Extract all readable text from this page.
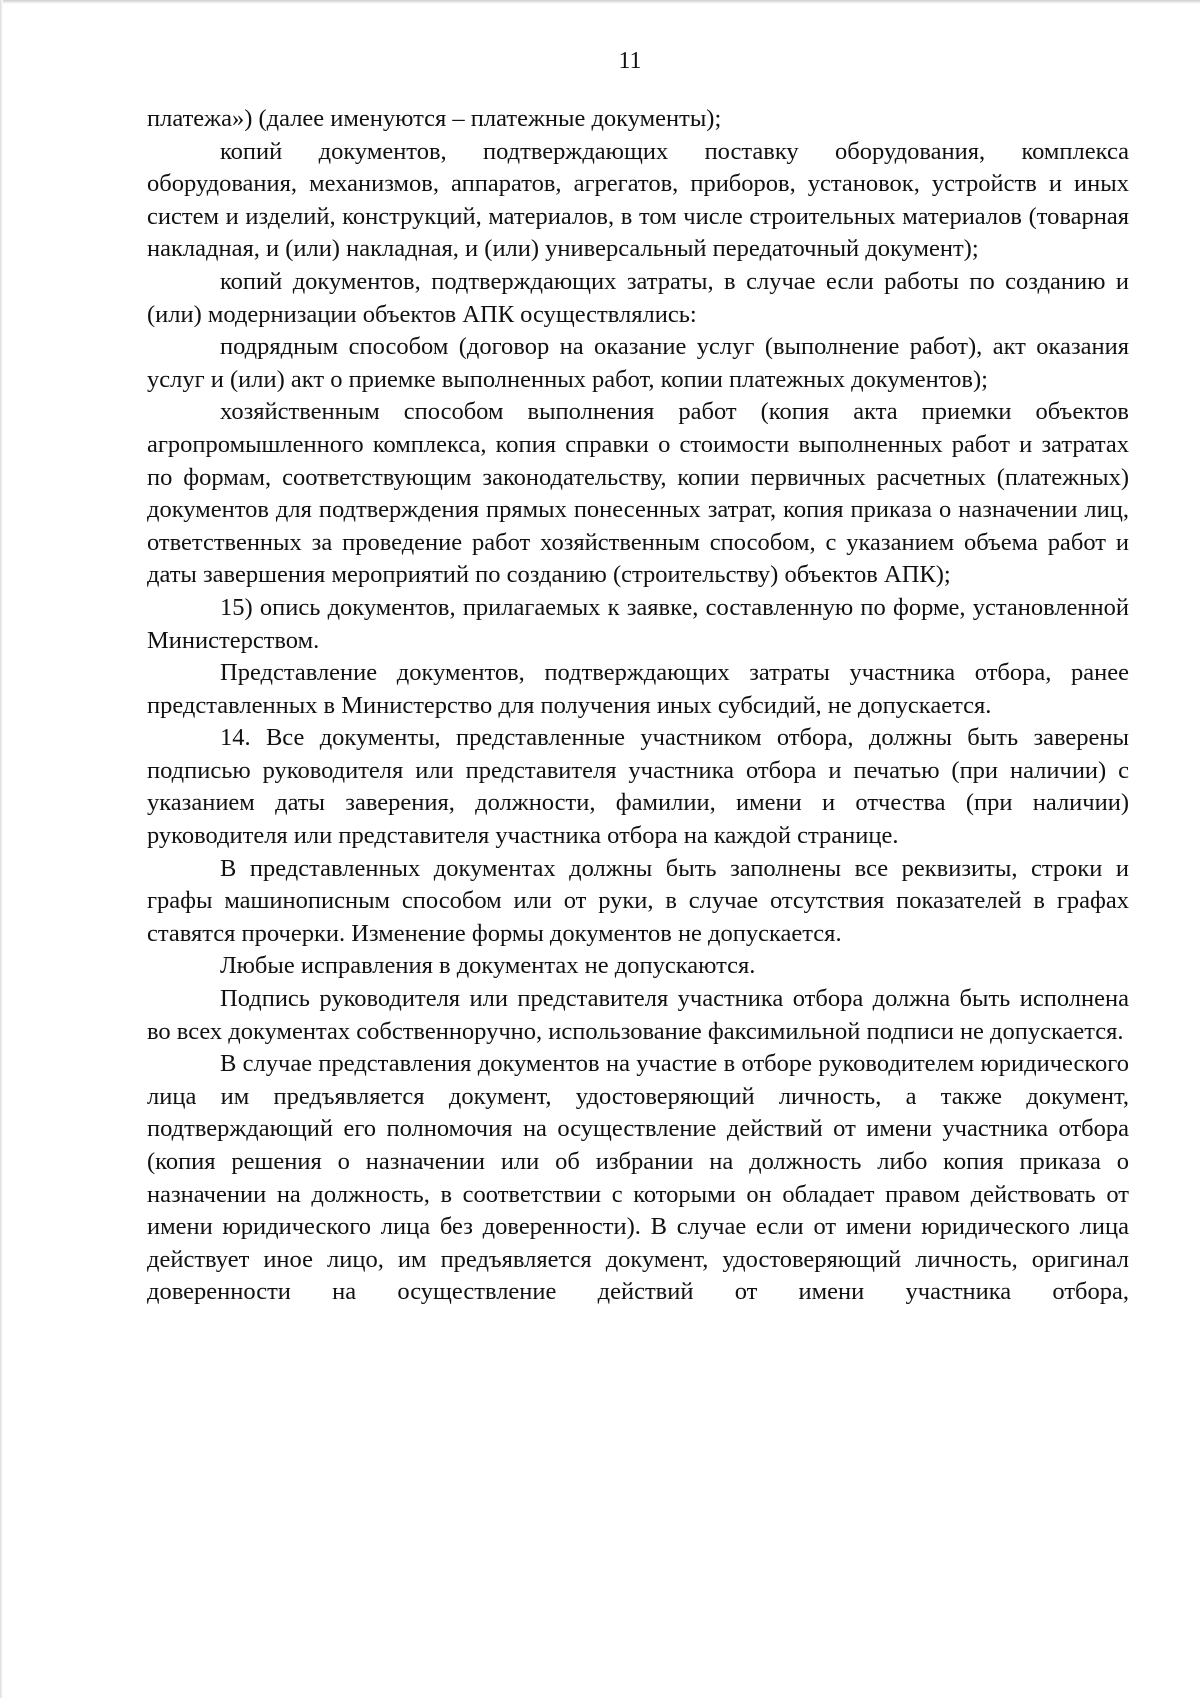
11

платежа») (далее именуются – платежные документы);

копий документов, подтверждающих поставку оборудования, комплекса оборудования, механизмов, аппаратов, агрегатов, приборов, установок, устройств и иных систем и изделий, конструкций, материалов, в том числе строительных материалов (товарная накладная, и (или) накладная, и (или) универсальный передаточный документ);

копий документов, подтверждающих затраты, в случае если работы по созданию и (или) модернизации объектов АПК осуществлялись:

подрядным способом (договор на оказание услуг (выполнение работ), акт оказания услуг и (или) акт о приемке выполненных работ, копии платежных документов);

хозяйственным способом выполнения работ (копия акта приемки объектов агропромышленного комплекса, копия справки о стоимости выполненных работ и затратах по формам, соответствующим законодательству, копии первичных расчетных (платежных) документов для подтверждения прямых понесенных затрат, копия приказа о назначении лиц, ответственных за проведение работ хозяйственным способом, с указанием объема работ и даты завершения мероприятий по созданию (строительству) объектов АПК);

15) опись документов, прилагаемых к заявке, составленную по форме, установленной Министерством.

Представление документов, подтверждающих затраты участника отбора, ранее представленных в Министерство для получения иных субсидий, не допускается.

14. Все документы, представленные участником отбора, должны быть заверены подписью руководителя или представителя участника отбора и печатью (при наличии) с указанием даты заверения, должности, фамилии, имени и отчества (при наличии) руководителя или представителя участника отбора на каждой странице.

В представленных документах должны быть заполнены все реквизиты, строки и графы машинописным способом или от руки, в случае отсутствия показателей в графах ставятся прочерки. Изменение формы документов не допускается.

Любые исправления в документах не допускаются.

Подпись руководителя или представителя участника отбора должна быть исполнена во всех документах собственноручно, использование факсимильной подписи не допускается.

В случае представления документов на участие в отборе руководителем юридического лица им предъявляется документ, удостоверяющий личность, а также документ, подтверждающий его полномочия на осуществление действий от имени участника отбора (копия решения о назначении или об избрании на должность либо копия приказа о назначении на должность, в соответствии с которыми он обладает правом действовать от имени юридического лица без доверенности). В случае если от имени юридического лица действует иное лицо, им предъявляется документ, удостоверяющий личность, оригинал доверенности на осуществление действий от имени участника отбора,
